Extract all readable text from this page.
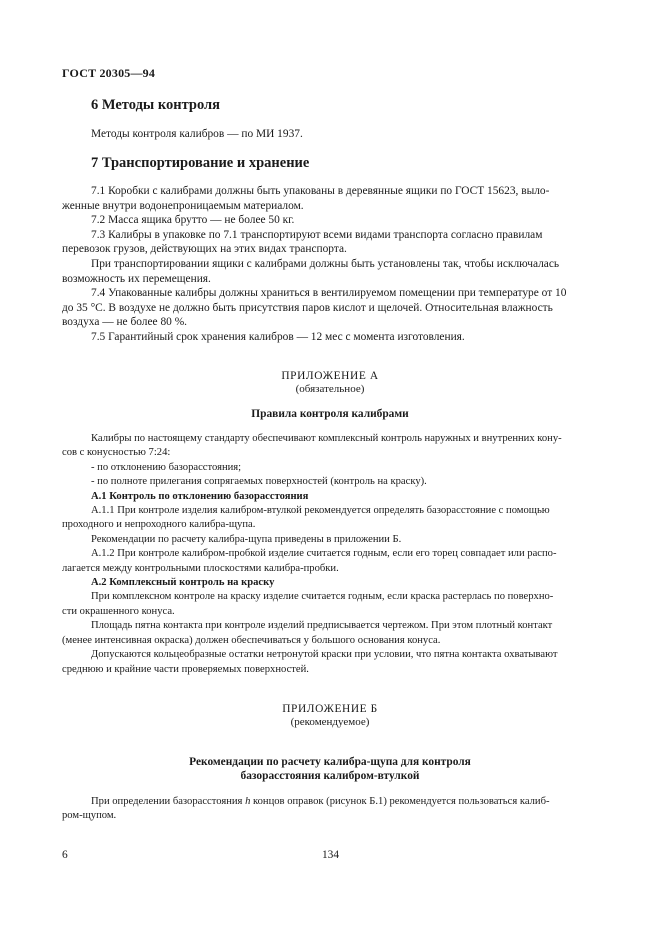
ГОСТ 20305—94
6 Методы контроля
Методы контроля калибров — по МИ 1937.
7 Транспортирование и хранение

7.1 Коробки с калибрами должны быть упакованы в деревянные ящики по ГОСТ 15623, выло-

женные внутри водонепроницаемым материалом.

7.2 Масса ящика брутто — не более 50 кг.

7.3 Калибры в упаковке по 7.1 транспортируют всеми видами транспорта согласно правилам

перевозок грузов, действующих на этих видах транспорта.

При транспортировании ящики с калибрами должны быть установлены так, чтобы исключалась

возможность их перемещения.

7.4 Упакованные калибры должны храниться в вентилируемом помещении при температуре от 10

до 35 °С. В воздухе не должно быть присутствия паров кислот и щелочей. Относительная влажность

воздуха — не более 80 %.

7.5 Гарантийный срок хранения калибров — 12 мес с момента изготовления.

ПРИЛОЖЕНИЕ А
(обязательное)
Правила контроля калибрами

Калибры по настоящему стандарту обеспечивают комплексный контроль наружных и внутренних кону-

сов с конусностью 7:24:

- по отклонению базорасстояния;

- по полноте прилегания сопрягаемых поверхностей (контроль на краску).

А.1 Контроль по отклонению базорасстояния

А.1.1 При контроле изделия калибром-втулкой рекомендуется определять базорасстояние с помощью

проходного и непроходного калибра-щупа.

Рекомендации по расчету калибра-щупа приведены в приложении Б.

А.1.2 При контроле калибром-пробкой изделие считается годным, если его торец совпадает или распо-

лагается между контрольными плоскостями калибра-пробки.

А.2 Комплексный контроль на краску

При комплексном контроле на краску изделие считается годным, если краска растерлась по поверхно-

сти окрашенного конуса.

Площадь пятна контакта при контроле изделий предписывается чертежом. При этом плотный контакт

(менее интенсивная окраска) должен обеспечиваться у большого основания конуса.

Допускаются кольцеобразные остатки нетронутой краски при условии, что пятна контакта охватывают

среднюю и крайние части проверяемых поверхностей.

ПРИЛОЖЕНИЕ Б
(рекомендуемое)
Рекомендации по расчету калибра-щупа для контроля
базорасстояния калибром-втулкой

При определении базорасстояния h концов оправок (рисунок Б.1) рекомендуется пользоваться калиб-

ром-щупом.

6	134
